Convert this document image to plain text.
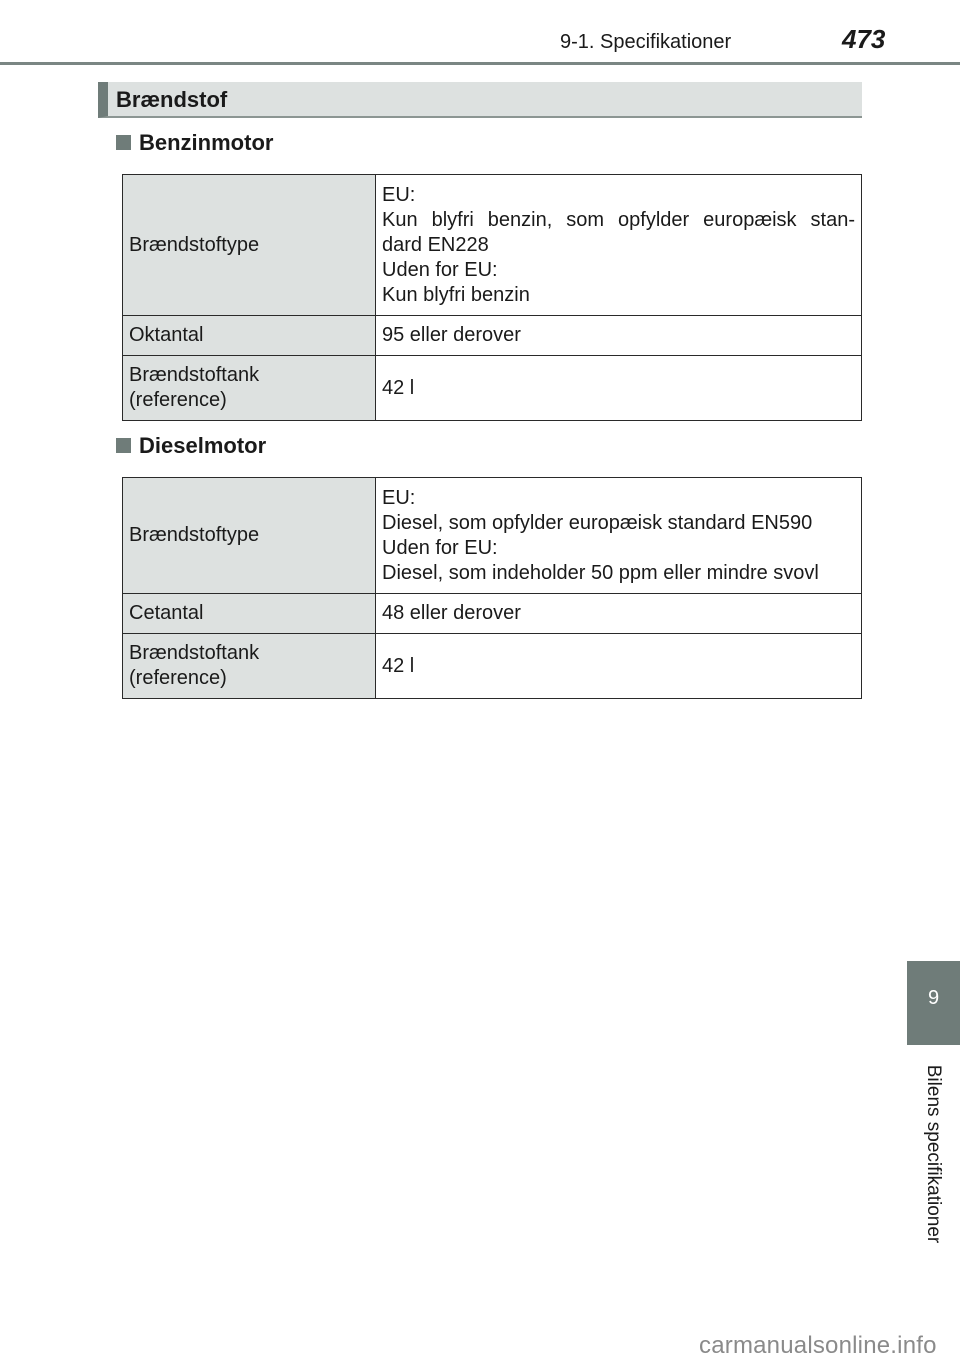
9-1. Specifikationer	473
Brændstof
Benzinmotor
Brændstoftype	EU:
Kun blyfri benzin, som opfylder europæisk stan-
dard EN228
Uden for EU:
Kun blyfri benzin

Oktantal	95 eller derover

Brændstoftank
(reference)	42 l
Dieselmotor
Brændstoftype	EU:
Diesel, som opfylder europæisk standard EN590
Uden for EU:
Diesel, som indeholder 50 ppm eller mindre svovl

Cetantal	48 eller derover

Brændstoftank
(reference)	42 l
9
Bilens specifikationer
carmanualsonline.info
